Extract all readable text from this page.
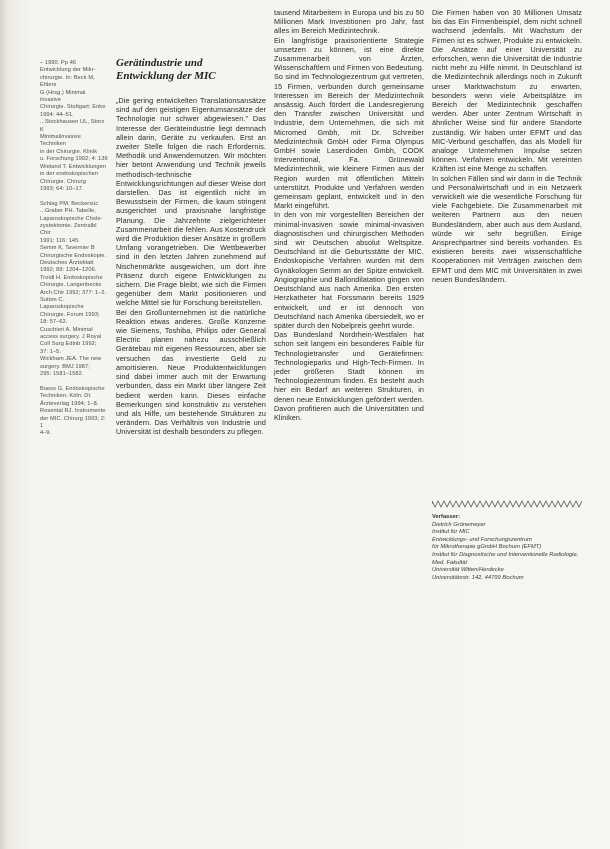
– 1990. Pp 46

Entwicklung der Mikr-

chirurgie. In: Beck M, Ehlers

G (Hrsg.) Minimal invasive

Chirurgie. Stuttgart: Enke

1994: 44–51.

...Stockhausen UL, Storz K

Minimalinvasive Techniken

in der Chirurgie. Klinik

u. Forschung 1992; 4: 136

Wieland T. Entwicklungen

in der endoskopischen

Chirurgie. Chirurg

1993; 64: 10–17.

Schlag PM. Beckersüc

...Graber PH. Tabelle,

Laparoskopische Chole-

zystektomie. Zentralbl Chir

1991; 116: 145.

Semm K, Tavernier B

Chirurgische Endoskopie.

Deutsches Ärzteblatt

1992; 89: 1204–1206.

Troidl H. Endoskopische

Chirurgie. Langenbecks

Arch Chir 1992; 377: 1–2.

Sutton C. Laparoskopische

Chirurgie. Forum 1993;

18: 57–62.

Cuschieri A. Minimal

access surgery. J Royal

Coll Surg Edinb 1992;

37: 1–5.

Wickham JEA. The new

surgery. BMJ 1987;

295: 1581–1582.

Buess G. Endoskopische

Techniken. Köln: Dt.

Ärzteverlag 1994; 1–8.

Rosental RJ. Instrumente

der MIC. Chirurg 1993; 2: 1

4–9.

Gerätindustrie und
Entwicklung der MIC

„Die gering entwickelten Translationsansätze sind auf den geistigen Eigentumsansätze der Technologie nur schwer abgewiesen." Das Interesse der Geräteindustrie liegt demnach allein darin, Geräte zu verkaufen. Erst an zweiter Stelle folgen die nach Erfordernis. Methodik und Anwendernutzen. Wir möchten hier betont Anwendung und Technik jeweils methodisch-technische Entwicklungsrichtungen auf dieser Weise dort darstellen. Das ist eigentlich nicht im Bewusstsein der Firmen, die kaum stringent ausgerichtet und praxisnahe langfristige Planung. Die Jahrzehnte zielgerichteter Zusammenarbeit die fehlen. Aus Kostendruck wird die Produktion dieser Ansätze in großem Umfang vorangetrieben. Die Wettbewerber sind in den letzten Jahren zunehmend auf Nischenmärkte ausgewichen, um dort ihre Präsenz durch eigene Entwicklungen zu sichern. Die Frage bleibt, wie sich die Firmen gegenüber dem Markt positionieren und welche Mittel sie für Forschung bereitstellen.

Bei den Großunternehmen ist die natürliche Reaktion etwas anderes. Große Konzerne wie Siemens, Toshiba, Philips oder General Electric planen nahezu ausschließlich Gerätebau mit eigenen Ressourcen, aber sie versuchen das investierte Geld zu amortisieren. Neue Produktentwicklungen sind dabei immer auch mit der Erwartung verbunden, dass ein Markt über längere Zeit bedient werden kann. Dieses einfache Bemerkungen sind konstruktiv zu verstehen und als Hilfe, um bestehende Strukturen zu verändern. Das Verhältnis von Industrie und Universität ist deshalb besonders zu pflegen.

tausend Mitarbeitern in Europa und bis zu 50 Millionen Mark Investitionen pro Jahr, fast alles im Bereich Medizintechnik.

Ein langfristige praxisorientierte Strategie umsetzen zu können, ist eine direkte Zusammenarbeit von Ärzten, Wissenschaftlern und Firmen von Bedeutung. So sind im Technologiezentrum gut vertreten, 15 Firmen, verbunden durch gemeinsame Interessen im Bereich der Medizintechnik ansässig. Auch fördert die Landesregierung den Transfer zwischen Universität und Industrie, dem Unternehmen, die sich mit Micromed Gmbh, mit Dr. Schreiber Medizintechnik GmbH oder Firma Olympus GmbH sowie Laserdioden Gmbh, COOK Interventional, Fa. Grünewald Medizintechnik, wie kleinere Firmen aus der Region wurden mit öffentlichen Mitteln unterstützt. Produkte und Verfahren werden gemeinsam geplant, entwickelt und in den Markt eingeführt.

In den von mir vorgestellten Bereichen der minimal-invasiven sowie minimal-invasiven diagnostischen und chirurgischen Methoden sind wir Deutschen absolut Weltspitze. Deutschland ist die Geburtsstätte der MIC. Endoskopische Verfahren wurden mit dem Gynäkologen Semm an der Spitze entwickelt. Angiographie und Ballondilatation gingen von Deutschland aus nach Amerika. Den ersten Herzkatheter hat Forssmann bereits 1929 entwickelt, und er ist dennoch von Deutschland nach Amerika übersiedelt, wo er später durch den Nobelpreis geehrt wurde.

Das Bundesland Nordrhein-Westfalen hat schon seit langem ein besonderes Faible für Technologietransfer und Gerätefirmen: Technologieparks und High-Tech-Firmen. In jeder größeren Stadt können im Technologiezentrum finden. Es besteht auch hier ein Bedarf an weiteren Strukturen, in denen neue Entwicklungen gefördert werden. Davon profitieren auch die Universitäten und Kliniken.

Die Firmen haben von 30 Millionen Umsatz bis das Ein Firmenbeispiel, dem nicht schnell wachsend jedenfalls. Mit Wachstum der Firmen ist es schwer, Produkte zu entwickeln. Die Ansätze auf einer Universität zu erforschen, wenn die Universität die Industrie nicht mehr zu Hilfe nimmt. In Deutschland ist die Medizintechnik allerdings noch in Zukunft unser Marktwachstum zu erwarten, besonders wenn viele Arbeitsplätze im Bereich der Medizintechnik geschaffen werden. Aber unter Zentrum Wirtschaft in ähnlicher Weise sind für andere Standorte zuständig. Wir haben unter EFMT und das MIC-Verbund geschaffen, das als Modell für analoge Unternehmen Impulse setzen können. Verfahren entwickeln. Mit vereinten Kräften ist eine Menge zu schaffen.

In solchen Fällen sind wir dann in die Technik und Personalwirtschaft und in ein Netzwerk verwickelt wie die wesentliche Forschung für viele Fachgebiete. Die Zusammenarbeit mit weiteren Partnern aus den neuen Bundesländern, aber auch aus dem Ausland, würde wir sehr begrüßen. Einige Ansprechpartner sind bereits vorhanden. Es existieren bereits zwei wissenschaftliche Kooperationen mit Verträgen zwischen dem EFMT und dem MIC mit Universitäten in zwei neuen Bundesländern.

Verfasser:
Dietrich Grönemeyer
Institut für MIC
Entwicklungs- und Forschungszentrum
für Mikrotherapie gGmbH Bochum (EFMT)
Institut für Diagnostische und Interventionelle Radiologie, Med. Fakultät
Universität Witten/Herdecke
Universitätsstr. 142, 44799 Bochum
